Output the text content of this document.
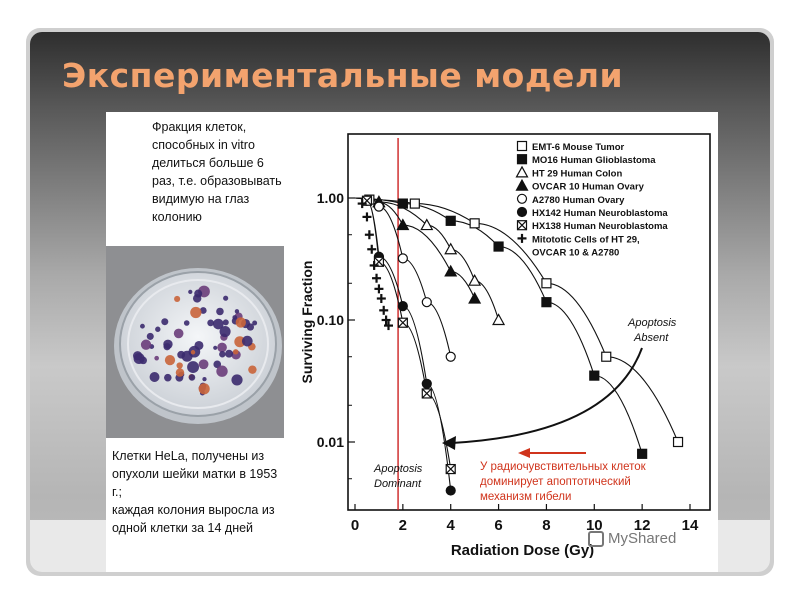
Экспериментальные модели
Фракция клеток, способных in vitro делиться больше 6 раз, т.е. образовывать видимую на глаз колонию
Клетки HeLa, получены из опухоли шейки матки в 1953 г.;
каждая колония выросла из одной клетки за 14 дней	0	2	4	6	8 10 12 14
1.00
0.10
0.01
Radiation Dose (Gy)
Surviving Fraction
EMT-6 Mouse Tumor
MO16 Human Glioblastoma
HT 29 Human Colon
OVCAR 10 Human Ovary
A2780 Human Ovary
HX142 Human Neuroblastoma
HX138 Human Neuroblastoma
Mitototic Cells of HT 29,
OVCAR 10 & A2780
Apoptosis
Absent
Apoptosis
Dominant
У радиочувствительных клеток
доминирует апоптотический
механизм гибели
MyShared
